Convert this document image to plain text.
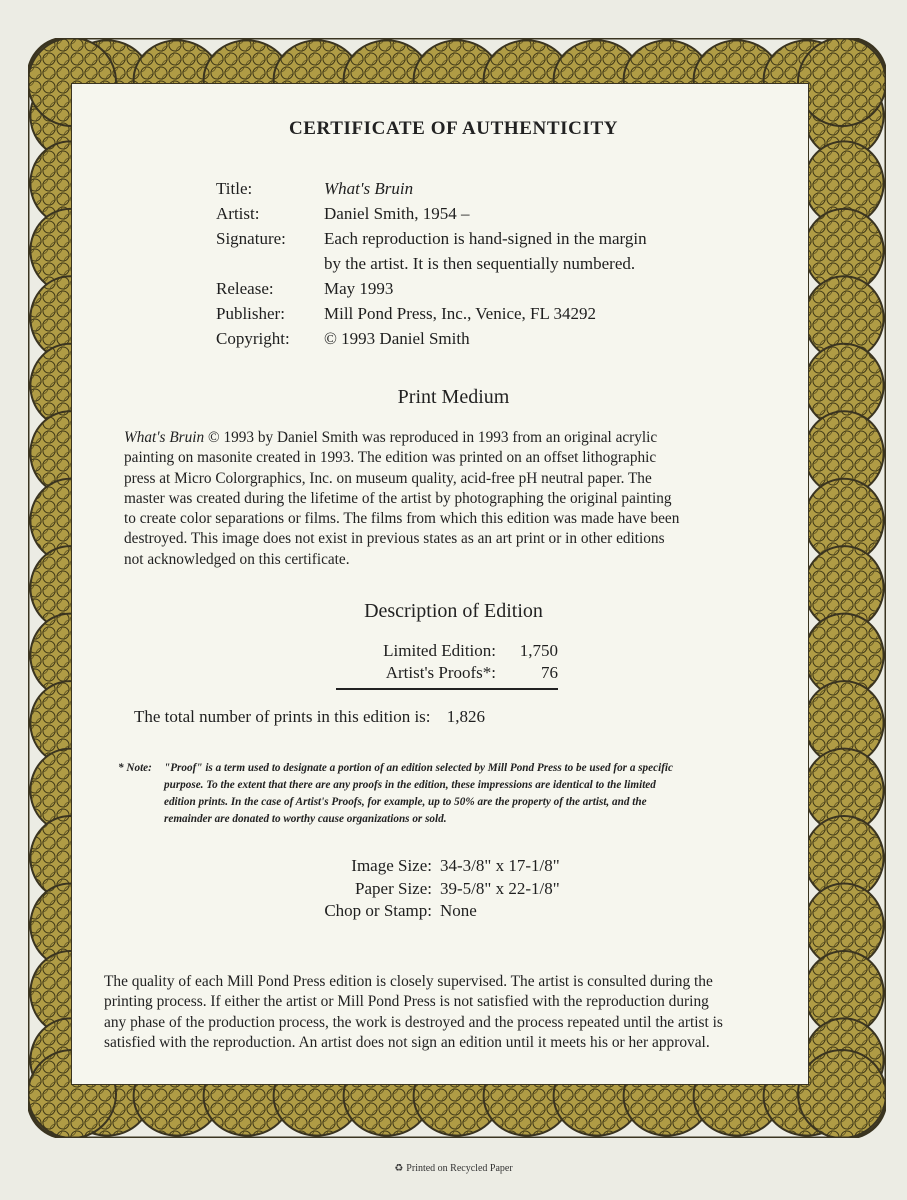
CERTIFICATE OF AUTHENTICITY
Title:	What's Bruin
Artist:	Daniel Smith, 1954 –
Signature:	Each reproduction is hand-signed in the margin
by the artist. It is then sequentially numbered.
Release:	May 1993
Publisher:	Mill Pond Press, Inc., Venice, FL 34292
Copyright:	© 1993 Daniel Smith
Print Medium
What's Bruin © 1993 by Daniel Smith was reproduced in 1993 from an original acrylic
painting on masonite created in 1993. The edition was printed on an offset lithographic
press at Micro Colorgraphics, Inc. on museum quality, acid-free pH neutral paper. The
master was created during the lifetime of the artist by photographing the original painting
to create color separations or films. The films from which this edition was made have been
destroyed. This image does not exist in previous states as an art print or in other editions
not acknowledged on this certificate.
Description of Edition
Limited Edition:	1,750
Artist's Proofs*:	76
The total number of prints in this edition is: 1,826
* Note: "Proof" is a term used to designate a portion of an edition selected by Mill Pond Press to be used for a specific
purpose. To the extent that there are any proofs in the edition, these impressions are identical to the limited
edition prints. In the case of Artist's Proofs, for example, up to 50% are the property of the artist, and the
remainder are donated to worthy cause organizations or sold.
Image Size: 34-3/8" x 17-1/8"
Paper Size: 39-5/8" x 22-1/8"
Chop or Stamp: None
The quality of each Mill Pond Press edition is closely supervised. The artist is consulted during the
printing process. If either the artist or Mill Pond Press is not satisfied with the reproduction during
any phase of the production process, the work is destroyed and the process repeated until the artist is
satisfied with the reproduction. An artist does not sign an edition until it meets his or her approval.
♻ Printed on Recycled Paper
